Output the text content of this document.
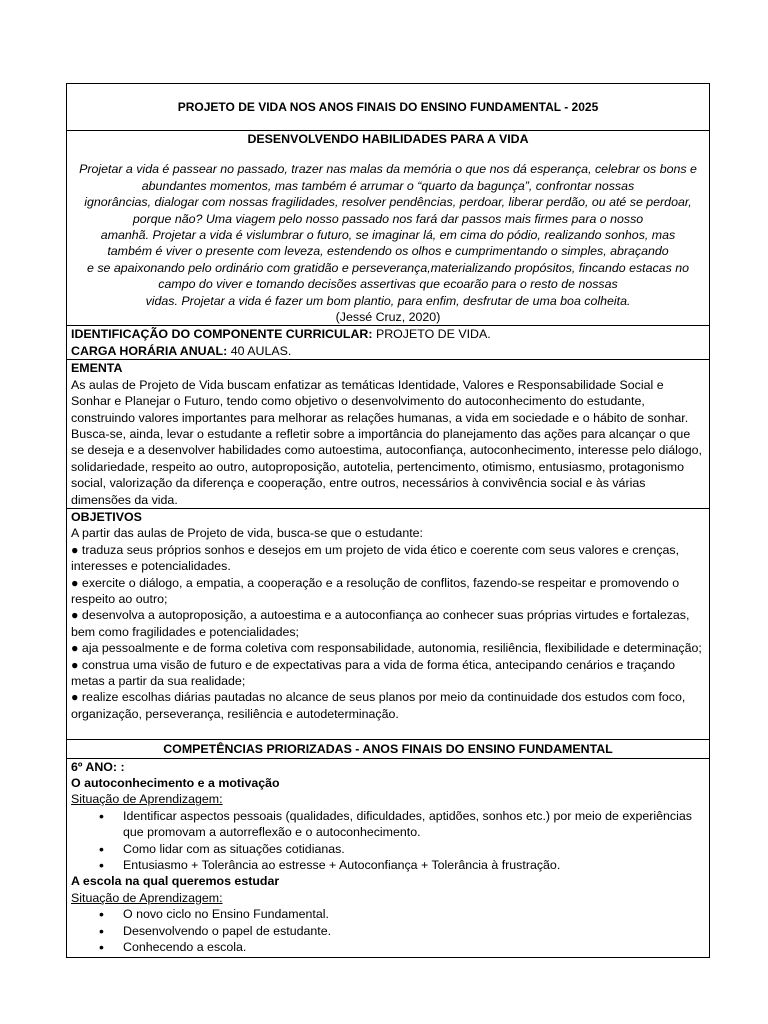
PROJETO DE VIDA NOS ANOS FINAIS DO ENSINO FUNDAMENTAL - 2025

DESENVOLVENDO HABILIDADES PARA A VIDA

Projetar a vida é passear no passado, trazer nas malas da memória o que nos dá esperança, celebrar os bons e

abundantes momentos, mas também é arrumar o “quarto da bagunça”, confrontar nossas

ignorâncias, dialogar com nossas fragilidades, resolver pendências, perdoar, liberar perdão, ou até se perdoar,

porque não? Uma viagem pelo nosso passado nos fará dar passos mais firmes para o nosso

amanhã. Projetar a vida é vislumbrar o futuro, se imaginar lá, em cima do pódio, realizando sonhos, mas

também é viver o presente com leveza, estendendo os olhos e cumprimentando o simples, abraçando

e se apaixonando pelo ordinário com gratidão e perseverança,materializando propósitos, fincando estacas no

campo do viver e tomando decisões assertivas que ecoarão para o resto de nossas

vidas. Projetar a vida é fazer um bom plantio, para enfim, desfrutar de uma boa colheita.

(Jessé Cruz, 2020)

IDENTIFICAÇÃO DO COMPONENTE CURRICULAR: PROJETO DE VIDA.
CARGA HORÁRIA ANUAL: 40 AULAS.

EMENTA

As aulas de Projeto de Vida buscam enfatizar as temáticas Identidade, Valores e Responsabilidade Social e Sonhar e Planejar o Futuro, tendo como objetivo o desenvolvimento do autoconhecimento do estudante, construindo valores importantes para melhorar as relações humanas, a vida em sociedade e o hábito de sonhar. Busca-se, ainda, levar o estudante a refletir sobre a importância do planejamento das ações para alcançar o que se deseja e a desenvolver habilidades como autoestima, autoconfiança, autoconhecimento, interesse pelo diálogo, solidariedade, respeito ao outro, autoproposição, autotelia, pertencimento, otimismo, entusiasmo, protagonismo social, valorização da diferença e cooperação, entre outros, necessários à convivência social e às várias dimensões da vida.

OBJETIVOS

A partir das aulas de Projeto de vida, busca-se que o estudante:

● traduza seus próprios sonhos e desejos em um projeto de vida ético e coerente com seus valores e crenças, interesses e potencialidades.

● exercite o diálogo, a empatia, a cooperação e a resolução de conflitos, fazendo-se respeitar e promovendo o respeito ao outro;

● desenvolva a autoproposição, a autoestima e a autoconfiança ao conhecer suas próprias virtudes e fortalezas, bem como fragilidades e potencialidades;

● aja pessoalmente e de forma coletiva com responsabilidade, autonomia, resiliência, flexibilidade e determinação;

● construa uma visão de futuro e de expectativas para a vida de forma ética, antecipando cenários e traçando metas a partir da sua realidade;

● realize escolhas diárias pautadas no alcance de seus planos por meio da continuidade dos estudos com foco, organização, perseverança, resiliência e autodeterminação.

COMPETÊNCIAS PRIORIZADAS - ANOS FINAIS DO ENSINO FUNDAMENTAL

6º ANO: :

O autoconhecimento e a motivação

Situação de Aprendizagem:

• Identificar aspectos pessoais (qualidades, dificuldades, aptidões, sonhos etc.) por meio de experiências que promovam a autorreflexão e o autoconhecimento.
• Como lidar com as situações cotidianas.
• Entusiasmo + Tolerância ao estresse + Autoconfiança + Tolerância à frustração.

A escola na qual queremos estudar

Situação de Aprendizagem:

• O novo ciclo no Ensino Fundamental.
• Desenvolvendo o papel de estudante.
• Conhecendo a escola.
